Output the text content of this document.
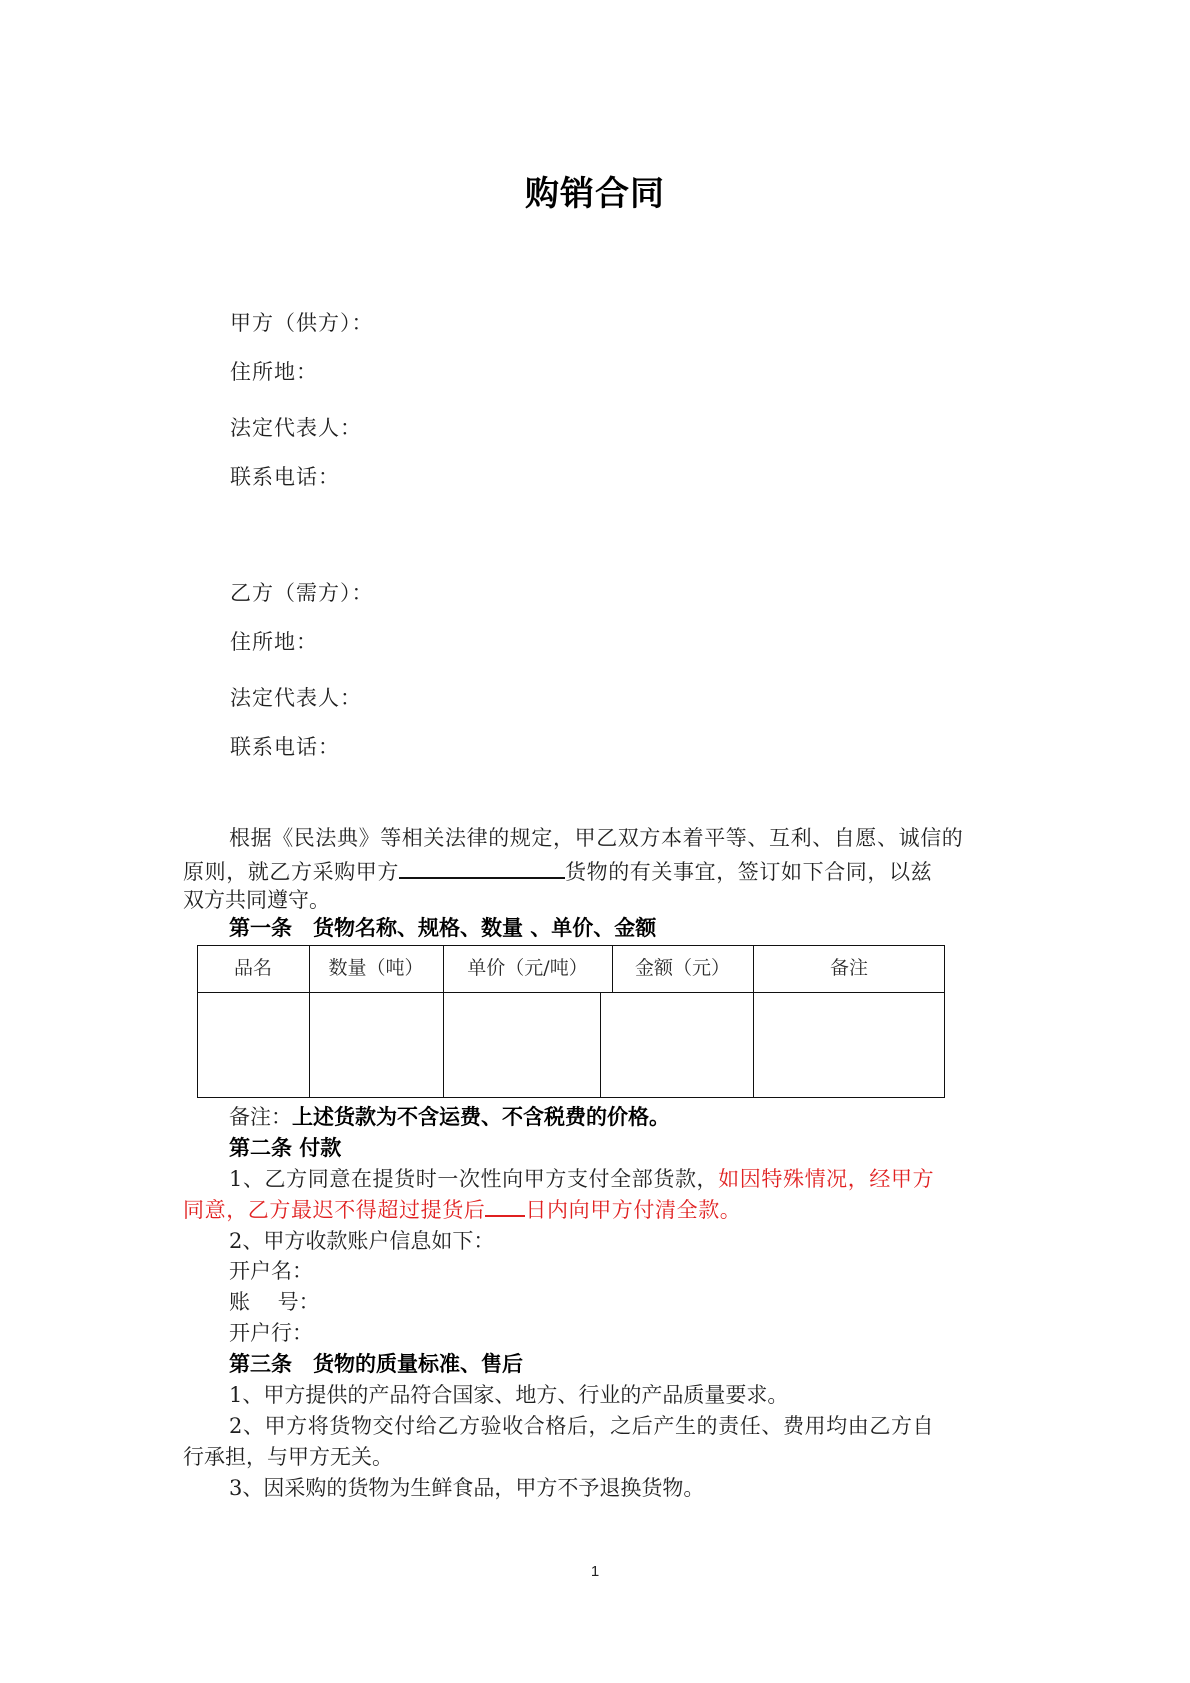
购销合同
甲方（供方）：
住所地：
法定代表人：
联系电话：
乙方（需方）：
住所地：
法定代表人：
联系电话：
根据《民法典》等相关法律的规定，甲乙双方本着平等、互利、自愿、诚信的
原则，就乙方采购甲方	货物的有关事宜，签订如下合同，以兹
双方共同遵守。
第一条　货物名称、规格、数量 、单价、金额
品名	数量（吨）	单价（元/吨）	金额（元）	备注
备注：上述货款为不含运费、不含税费的价格。
第二条 付款
1、乙方同意在提货时一次性向甲方支付全部货款，如因特殊情况，经甲方
同意，乙方最迟不得超过提货后 日内向甲方付清全款。
2、甲方收款账户信息如下：
开户名：
账　 号：
开户行：
第三条　货物的质量标准、售后
1、甲方提供的产品符合国家、地方、行业的产品质量要求。
2、甲方将货物交付给乙方验收合格后，之后产生的责任、费用均由乙方自
行承担，与甲方无关。
3、因采购的货物为生鲜食品，甲方不予退换货物。
1
